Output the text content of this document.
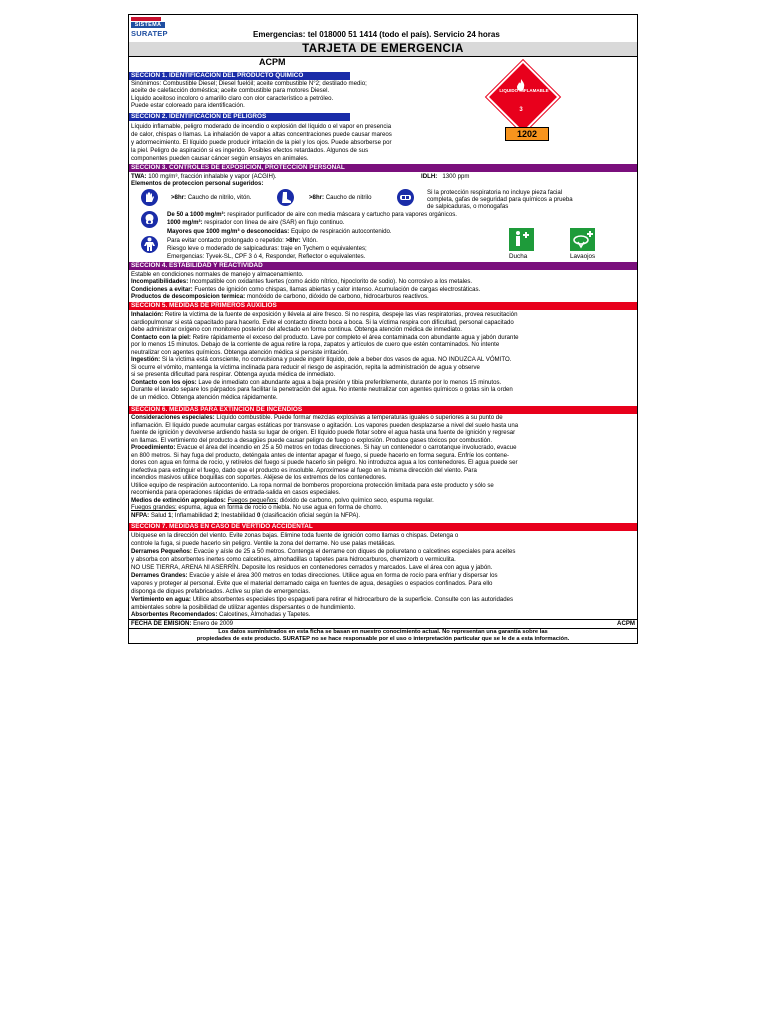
SISTEMA
SURATEP	Emergencias: tel 018000 51 1414 (todo el país). Servicio 24 horas
TARJETA DE EMERGENCIA
ACPM
LIQUIDO INFLAMABLE
3
1202
SECCION 1. IDENTIFICACION DEL PRODUCTO QUIMICO
Sinónimos: Combustible Diesel; Diesel fuelóil; aceite combustible N°2; destilado medio;
aceite de calefacción doméstica; aceite combustible para motores Diesel.
Líquido aceitoso incoloro o amarillo claro con olor característico a petróleo.
Puede estar coloreado para identificación.
SECCION 2. IDENTIFICACION DE PELIGROS
Líquido inflamable, peligro moderado de incendio o explosión del líquido o el vapor en presencia
de calor, chispas o llamas. La inhalación de vapor a altas concentraciones puede causar mareos
y adormecimiento. El líquido puede producir irritación de la piel y los ojos. Puede absorberse por
la piel. Peligro de aspiración si es ingerido. Posibles efectos retardados. Algunos de sus
componentes pueden causar cáncer según ensayos en animales.
SECCION 3. CONTROLES DE EXPOSICION, PROTECCION PERSONAL
TWA: 100 mg/m³, fracción inhalable y vapor (ACGIH).	IDLH: 1300 ppm
Elementos de proteccion personal sugeridos:
>8hr: Caucho de nitrilo, vitón.	>8hr: Caucho de nitrilo
Si la protección respiratoria no incluye pieza facial
completa, gafas de seguridad para químicos a prueba
de salpicaduras, o monogafas
De 50 a 1000 mg/m³: respirador purificador de aire con media máscara y cartucho para vapores orgánicos.
1000 mg/m³: respirador con línea de aire (SAR) en flujo continuo.
Mayores que 1000 mg/m³ o desconocidas: Equipo de respiración autocontenido.
Para evitar contacto prolongado o repetido: >8hr: Vitón.
Riesgo leve o moderado de salpicaduras: traje en Tychem o equivalentes;
Emergencias: Tyvek-SL, CPF 3 ó 4, Responder, Reflector o equivalentes.	Ducha	Lavaojos
SECCION 4. ESTABILIDAD Y REACTIVIDAD
Estable en condiciones normales de manejo y almacenamiento.
Incompatibilidades: Incompatible con oxidantes fuertes (como ácido nítrico, hipoclorito de sodio). No corrosivo a los metales.
Condiciones a evitar: Fuentes de ignición como chispas, llamas abiertas y calor intenso. Acumulación de cargas electrostáticas.
Productos de descomposicion termica: monóxido de carbono, dióxido de carbono, hidrocarburos reactivos.
SECCION 5. MEDIDAS DE PRIMEROS AUXILIOS
Inhalación: Retire la víctima de la fuente de exposición y llévela al aire fresco. Si no respira, despeje las vías respiratorias, provea resucitación
cardiopulmonar si está capacitado para hacerlo. Evite el contacto directo boca a boca. Si la víctima respira con dificultad, personal capacitado
debe administrar oxígeno con monitoreo posterior del afectado en forma continua. Obtenga atención médica de inmediato.
Contacto con la piel: Retire rápidamente el exceso del producto. Lave por completo el área contaminada con abundante agua y jabón durante
por lo menos 15 minutos. Debajo de la corriente de agua retire la ropa, zapatos y artículos de cuero que estén contaminados. No intente
neutralizar con agentes químicos. Obtenga atención médica si persiste irritación.
Ingestión: Si la víctima está consciente, no convulsiona y puede ingerir líquido, dele a beber dos vasos de agua. NO INDUZCA AL VÓMITO.
Si ocurre el vómito, mantenga la víctima inclinada para reducir el riesgo de aspiración, repita la administración de agua y observe
si se presenta dificultad para respirar. Obtenga ayuda médica de inmediato.
Contacto con los ojos: Lave de inmediato con abundante agua a baja presión y tibia preferiblemente, durante por lo menos 15 minutos.
Durante el lavado separe los párpados para facilitar la penetración del agua. No intente neutralizar con agentes químicos o gotas sin la orden
de un médico. Obtenga atención médica rápidamente.
SECCION 6. MEDIDAS PARA EXTINCION DE INCENDIOS
Consideraciones especiales: Líquido combustible. Puede formar mezclas explosivas a temperaturas iguales o superiores a su punto de
inflamación. El líquido puede acumular cargas estáticas por transvase o agitación. Los vapores pueden desplazarse a nivel del suelo hasta una
fuente de ignición y devolverse ardiendo hasta su lugar de origen. El líquido puede flotar sobre el agua hasta una fuente de ignición y regresar
en llamas. El vertimiento del producto a desagües puede causar peligro de fuego o explosión. Produce gases tóxicos por combustión.
Procedimiento: Evacue el área del incendio en 25 a 50 metros en todas direcciones. Si hay un contenedor o carrotanque involucrado, evacue
en 800 metros. Si hay fuga del producto, deténgala antes de intentar apagar el fuego, si puede hacerlo en forma segura. Enfríe los contene-
dores con agua en forma de rocío, y retírelos del fuego si puede hacerlo sin peligro. No introduzca agua a los contenedores. El agua puede ser
inefectiva para extinguir el fuego, dado que el producto es insoluble. Aproxímese al fuego en la misma dirección del viento. Para
incendios masivos utilice boquillas con soportes. Aléjese de los extremos de los contenedores.
Utilice equipo de respiración autocontenido. La ropa normal de bomberos proporciona protección limitada para este producto y sólo se
recomienda para operaciones rápidas de entrada-salida en casos especiales.
Medios de extinción apropiados: Fuegos pequeños: dióxido de carbono, polvo químico seco, espuma regular.
Fuegos grandes: espuma, agua en forma de rocío o niebla. No use agua en forma de chorro.
NFPA: Salud 1; Inflamabilidad 2; Inestabilidad 0 (clasificación oficial según la NFPA).
SECCION 7. MEDIDAS EN CASO DE VERTIDO ACCIDENTAL
Ubíquese en la dirección del viento. Evite zonas bajas. Elimine toda fuente de ignición como llamas o chispas. Detenga o
controle la fuga, si puede hacerlo sin peligro. Ventile la zona del derrame. No use palas metálicas.
Derrames Pequeños: Evacúe y aísle de 25 a 50 metros. Contenga el derrame con diques de poliuretano o calcetines especiales para aceites
y absorba con absorbentes inertes como calcetines, almohadillas o tapetes para hidrocarburos, chemizorb o vermiculita.
NO USE TIERRA, ARENA NI ASERRÍN. Deposite los residuos en contenedores cerrados y marcados. Lave el área con agua y jabón.
Derrames Grandes: Evacúe y aísle el área 300 metros en todas direcciones. Utilice agua en forma de rocío para enfriar y dispersar los
vapores y proteger al personal. Evite que el material derramado caiga en fuentes de agua, desagües o espacios confinados. Para ello
disponga de diques prefabricados. Active su plan de emergencias.
Vertimiento en agua: Utilice absorbentes especiales tipo espagueti para retirar el hidrocarburo de la superficie. Consulte con las autoridades
ambientales sobre la posibilidad de utilizar agentes dispersantes o de hundimiento.
Absorbentes Recomendados: Calcetines, Almohadas y Tapetes.
FECHA DE EMISION: Enero de 2009	ACPM
Los datos suministrados en esta ficha se basan en nuestro conocimiento actual. No representan una garantía sobre las
propiedades de este producto. SURATEP no se hace responsable por el uso o interpretación particular que se le de a esta información.
